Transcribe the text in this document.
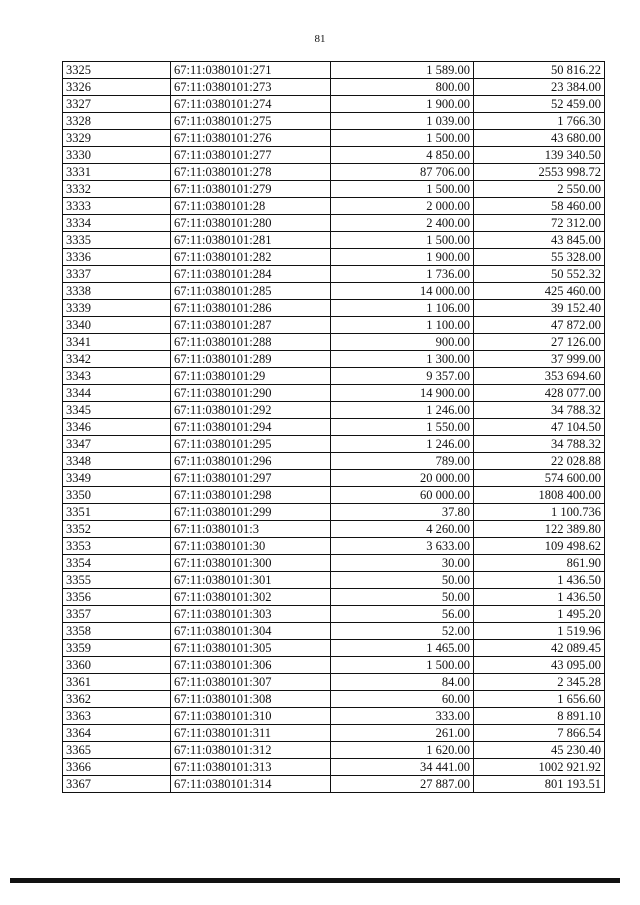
81
3325	67:11:0380101:271	1 589.00	50 816.22
3326	67:11:0380101:273	800.00	23 384.00
3327	67:11:0380101:274	1 900.00	52 459.00
3328	67:11:0380101:275	1 039.00	1 766.30
3329	67:11:0380101:276	1 500.00	43 680.00
3330	67:11:0380101:277	4 850.00	139 340.50
3331	67:11:0380101:278	87 706.00	2553 998.72
3332	67:11:0380101:279	1 500.00	2 550.00
3333	67:11:0380101:28	2 000.00	58 460.00
3334	67:11:0380101:280	2 400.00	72 312.00
3335	67:11:0380101:281	1 500.00	43 845.00
3336	67:11:0380101:282	1 900.00	55 328.00
3337	67:11:0380101:284	1 736.00	50 552.32
3338	67:11:0380101:285	14 000.00	425 460.00
3339	67:11:0380101:286	1 106.00	39 152.40
3340	67:11:0380101:287	1 100.00	47 872.00
3341	67:11:0380101:288	900.00	27 126.00
3342	67:11:0380101:289	1 300.00	37 999.00
3343	67:11:0380101:29	9 357.00	353 694.60
3344	67:11:0380101:290	14 900.00	428 077.00
3345	67:11:0380101:292	1 246.00	34 788.32
3346	67:11:0380101:294	1 550.00	47 104.50
3347	67:11:0380101:295	1 246.00	34 788.32
3348	67:11:0380101:296	789.00	22 028.88
3349	67:11:0380101:297	20 000.00	574 600.00
3350	67:11:0380101:298	60 000.00	1808 400.00
3351	67:11:0380101:299	37.80	1 100.736
3352	67:11:0380101:3	4 260.00	122 389.80
3353	67:11:0380101:30	3 633.00	109 498.62
3354	67:11:0380101:300	30.00	861.90
3355	67:11:0380101:301	50.00	1 436.50
3356	67:11:0380101:302	50.00	1 436.50
3357	67:11:0380101:303	56.00	1 495.20
3358	67:11:0380101:304	52.00	1 519.96
3359	67:11:0380101:305	1 465.00	42 089.45
3360	67:11:0380101:306	1 500.00	43 095.00
3361	67:11:0380101:307	84.00	2 345.28
3362	67:11:0380101:308	60.00	1 656.60
3363	67:11:0380101:310	333.00	8 891.10
3364	67:11:0380101:311	261.00	7 866.54
3365	67:11:0380101:312	1 620.00	45 230.40
3366	67:11:0380101:313	34 441.00	1002 921.92
3367	67:11:0380101:314	27 887.00	801 193.51
